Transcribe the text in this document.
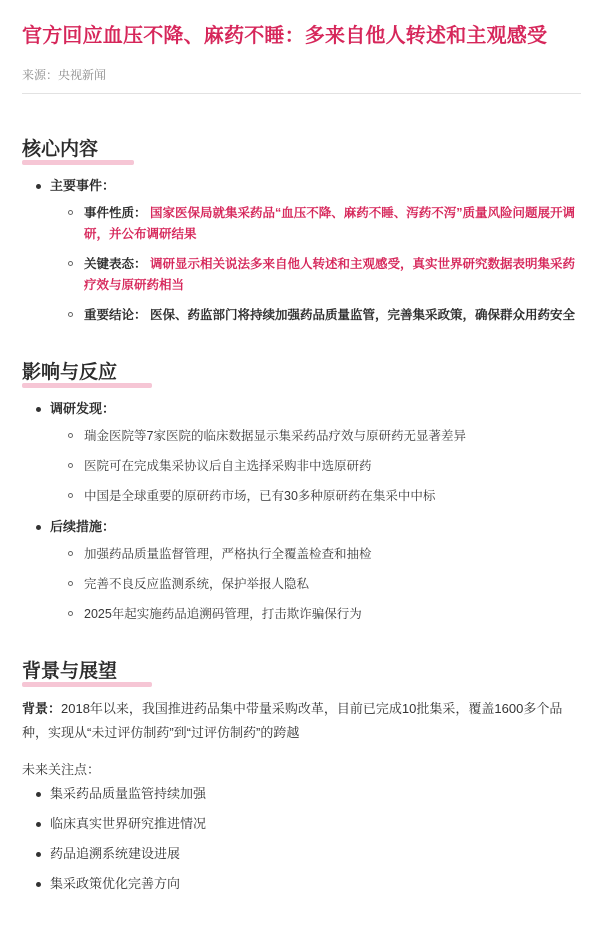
官方回应血压不降、麻药不睡：多来自他人转述和主观感受
来源：央视新闻
核心内容
主要事件：
事件性质： 国家医保局就集采药品“血压不降、麻药不睡、泻药不泻”质量风险问题展开调研，并公布调研结果
关键表态： 调研显示相关说法多来自他人转述和主观感受，真实世界研究数据表明集采药疗效与原研药相当
重要结论： 医保、药监部门将持续加强药品质量监管，完善集采政策，确保群众用药安全
影响与反应
调研发现：
瑞金医院等7家医院的临床数据显示集采药品疗效与原研药无显著差异
医院可在完成集采协议后自主选择采购非中选原研药
中国是全球重要的原研药市场，已有30多种原研药在集采中中标
后续措施：
加强药品质量监督管理，严格执行全覆盖检查和抽检
完善不良反应监测系统，保护举报人隐私
2025年起实施药品追溯码管理，打击欺诈骗保行为
背景与展望

背景：2018年以来，我国推进药品集中带量采购改革，目前已完成10批集采，覆盖1600多个品种，实现从“未过评仿制药”到“过评仿制药”的跨越

未来关注点：
集采药品质量监管持续加强
临床真实世界研究推进情况
药品追溯系统建设进展
集采政策优化完善方向
